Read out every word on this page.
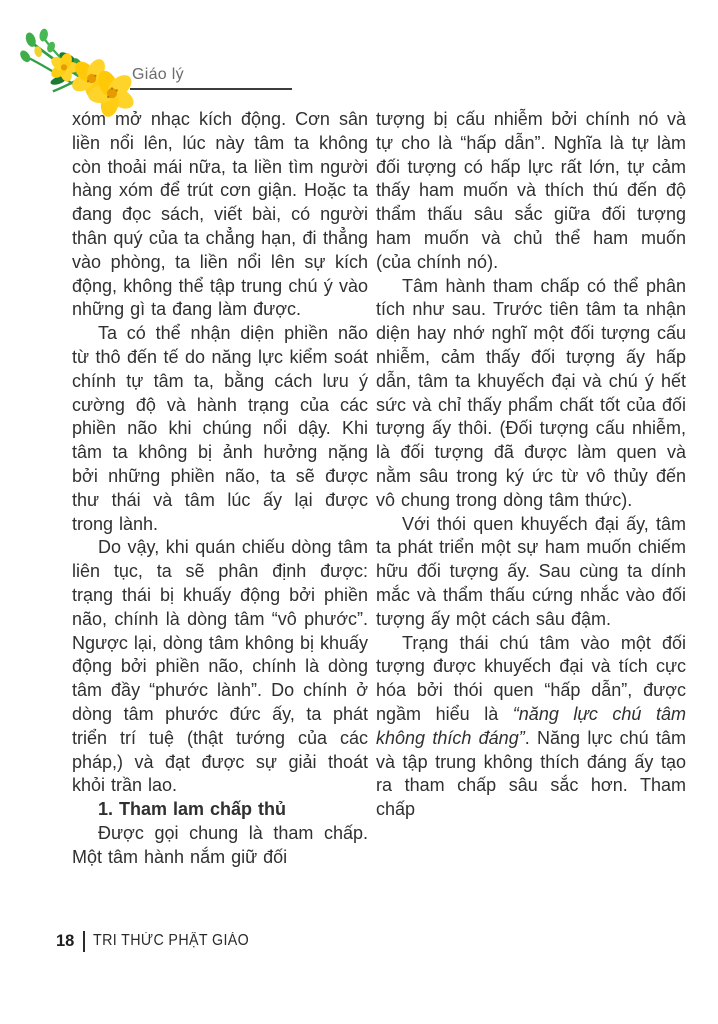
Giáo lý

xóm mở nhạc kích động. Cơn sân liền nổi lên, lúc này tâm ta không còn thoải mái nữa, ta liền tìm người hàng xóm để trút cơn giận. Hoặc ta đang đọc sách, viết bài, có người thân quý của ta chẳng hạn, đi thẳng vào phòng, ta liền nổi lên sự kích động, không thể tập trung chú ý vào những gì ta đang làm được.

Ta có thể nhận diện phiền não từ thô đến tế do năng lực kiểm soát chính tự tâm ta, bằng cách lưu ý cường độ và hành trạng của các phiền não khi chúng nổi dậy. Khi tâm ta không bị ảnh hưởng nặng bởi những phiền não, ta sẽ được thư thái và tâm lúc ấy lại được trong lành.

Do vậy, khi quán chiếu dòng tâm liên tục, ta sẽ phân định được: trạng thái bị khuấy động bởi phiền não, chính là dòng tâm “vô phước”. Ngược lại, dòng tâm không bị khuấy động bởi phiền não, chính là dòng tâm đầy “phước lành”. Do chính ở dòng tâm phước đức ấy, ta phát triển trí tuệ (thật tướng của các pháp,) và đạt được sự giải thoát khỏi trần lao.

1. Tham lam chấp thủ

Được gọi chung là tham chấp. Một tâm hành nắm giữ đối

tượng bị cấu nhiễm bởi chính nó và tự cho là “hấp dẫn”. Nghĩa là tự làm đối tượng có hấp lực rất lớn, tự cảm thấy ham muốn và thích thú đến độ thẩm thấu sâu sắc giữa đối tượng ham muốn và chủ thể ham muốn (của chính nó).

Tâm hành tham chấp có thể phân tích như sau. Trước tiên tâm ta nhận diện hay nhớ nghĩ một đối tượng cấu nhiễm, cảm thấy đối tượng ấy hấp dẫn, tâm ta khuyếch đại và chú ý hết sức và chỉ thấy phẩm chất tốt của đối tượng ấy thôi. (Đối tượng cấu nhiễm, là đối tượng đã được làm quen và nằm sâu trong ký ức từ vô thủy đến vô chung trong dòng tâm thức).

Với thói quen khuyếch đại ấy, tâm ta phát triển một sự ham muốn chiếm hữu đối tượng ấy. Sau cùng ta dính mắc và thẩm thấu cứng nhắc vào đối tượng ấy một cách sâu đậm.

Trạng thái chú tâm vào một đối tượng được khuyếch đại và tích cực hóa bởi thói quen “hấp dẫn”, được ngầm hiểu là “năng lực chú tâm không thích đáng”. Năng lực chú tâm và tập trung không thích đáng ấy tạo ra tham chấp sâu sắc hơn. Tham chấp

18 TRI THỨC PHẬT GIÁO
